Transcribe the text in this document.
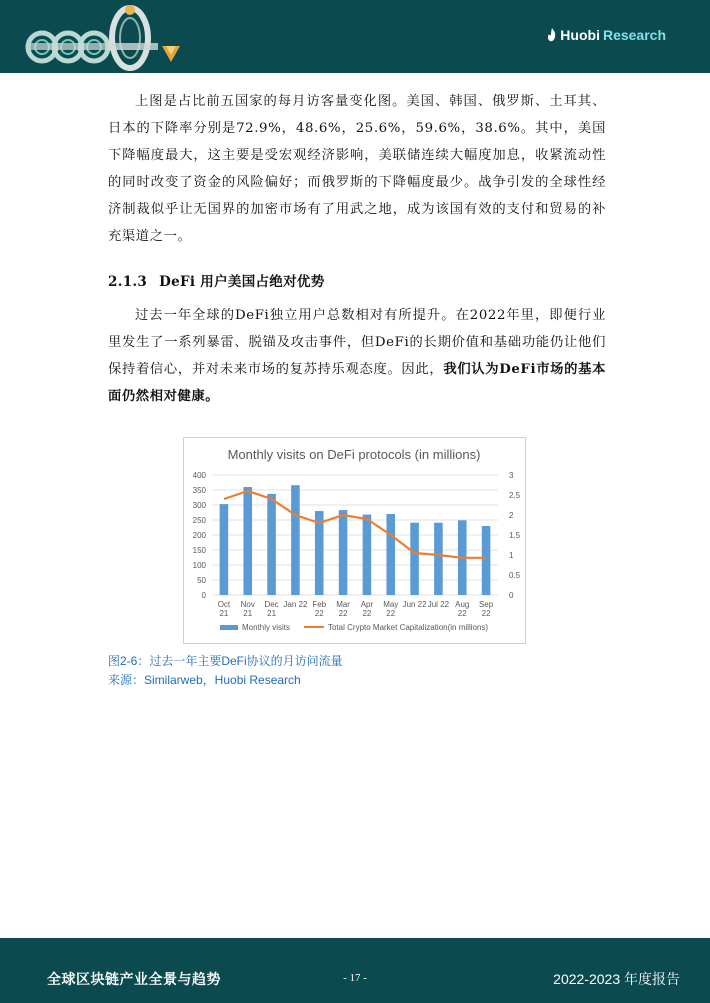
Huobi Research

上图是占比前五国家的每月访客量变化图。美国、韩国、俄罗斯、土耳其、日本的下降率分别是72.9%，48.6%，25.6%，59.6%，38.6%。其中，美国下降幅度最大，这主要是受宏观经济影响，美联储连续大幅度加息，收紧流动性的同时改变了资金的风险偏好；而俄罗斯的下降幅度最少。战争引发的全球性经济制裁似乎让无国界的加密市场有了用武之地，成为该国有效的支付和贸易的补充渠道之一。

2.1.3 DeFi 用户美国占绝对优势

过去一年全球的DeFi独立用户总数相对有所提升。在2022年里，即便行业里发生了一系列暴雷、脱锚及攻击事件，但DeFi的长期价值和基础功能仍让他们保持着信心，并对未来市场的复苏持乐观态度。因此，我们认为DeFi市场的基本面仍然相对健康。

Monthly visits on DeFi protocols (in millions)
0
50
100
150
200
250
300
350
400
0
0.5
1
1.5
2
2.5
3
Oct
21
Nov
21
Dec
21
Jan 22 Feb
22
Mar
22
Apr
22
May
22
Jun 22 Jul 22 Aug
22
Sep
22
Monthly visits	Total Crypto Market Capitalization(in millions)

图2-6：过去一年主要DeFi协议的月访问流量

来源：Similarweb，Huobi Research

全球区块链产业全景与趋势	- 17 -	2022-2023 年度报告
